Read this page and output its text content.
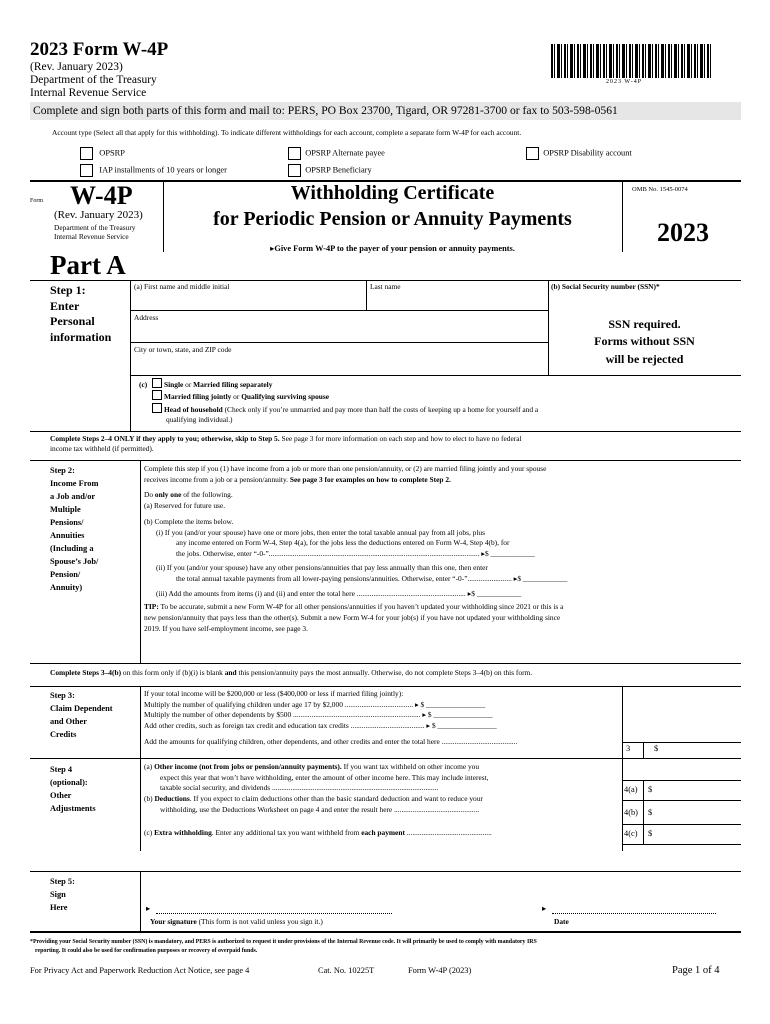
2023 Form W-4P
(Rev. January 2023)
Department of the Treasury
Internal Revenue Service
2023 W-4P
Complete and sign both parts of this form and mail to: PERS, PO Box 23700, Tigard, OR 97281-3700 or fax to 503-598-0561
Account type (Select all that apply for this withholding). To indicate different withholdings for each account, complete a separate form W-4P for each account.
OPSRP
IAP installments of 10 years or longer
OPSRP Alternate payee
OPSRP Beneficiary
OPSRP Disability account
Form W-4P
(Rev. January 2023)
Department of the Treasury
Internal Revenue Service
Withholding Certificate
for Periodic Pension or Annuity Payments
▸Give Form W-4P to the payer of your pension or annuity payments.
OMB No. 1545-0074
2023
Part A
Step 1:
Enter
Personal
information
(a) First name and middle initial	Last name	(b) Social Security number (SSN)*
Address
City or town, state, and ZIP code
SSN required.
Forms without SSN
will be rejected
(c)	Single or Married filing separately
Married filing jointly or Qualifying surviving spouse
Head of household (Check only if you’re unmarried and pay more than half the costs of keeping up a home for yourself and a
qualifying individual.)
Complete Steps 2–4 ONLY if they apply to you; otherwise, skip to Step 5. See page 3 for more information on each step and how to elect to have no federal
income tax withheld (if permitted).
Step 2:
Income From
a Job and/or
Multiple
Pensions/
Annuities
(Including a
Spouse’s Job/
Pension/
Annuity)
Complete this step if you (1) have income from a job or more than one pension/annuity, or (2) are married filing jointly and your spouse
receives income from a job or a pension/annuity. See page 3 for examples on how to complete Step 2.
Do only one of the following.
(a) Reserved for future use.
(b) Complete the items below.
(i) If you (and/or your spouse) have one or more jobs, then enter the total taxable annual pay from all jobs, plus
any income entered on Form W-4, Step 4(a), for the jobs less the deductions entered on Form W-4, Step 4(b), for
the jobs. Otherwise, enter “-0-”.................................................................................................................. ▸$ ____________
(ii) If you (and/or your spouse) have any other pensions/annuities that pay less annually than this one, then enter
the total annual taxable payments from all lower-paying pensions/annuities. Otherwise, enter “-0-”........................ ▸$ ____________
(iii) Add the amounts from items (i) and (ii) and enter the total here ........................................................... ▸$ ____________
TIP: To be accurate, submit a new Form W-4P for all other pensions/annuities if you haven’t updated your withholding since 2021 or this is a
new pension/annuity that pays less than the other(s). Submit a new Form W-4 for your job(s) if you have not updated your withholding since
2019. If you have self-employment income, see page 3.
Complete Steps 3–4(b) on this form only if (b)(i) is blank and this pension/annuity pays the most annually. Otherwise, do not complete Steps 3–4(b) on this form.
Step 3:
Claim Dependent
and Other
Credits
If your total income will be $200,000 or less ($400,000 or less if married filing jointly):
Multiply the number of qualifying children under age 17 by $2,000 ..................................... ▸ $ ________________
Multiply the number of other dependents by $500 ..................................................................... ▸ $ ________________
Add other credits, such as foreign tax credit and education tax credits ........................................ ▸ $ ________________
Add the amounts for qualifying children, other dependents, and other credits and enter the total here .........................................
3	$
Step 4
(optional):
Other
Adjustments
(a) Other income (not from jobs or pension/annuity payments). If you want tax withheld on other income you
expect this year that won’t have withholding, enter the amount of other income here. This may include interest,
taxable social security, and dividends ..........................................................................................
(b) Deductions. If you expect to claim deductions other than the basic standard deduction and want to reduce your
withholding, use the Deductions Worksheet on page 4 and enter the result here ..............................................
(c) Extra withholding. Enter any additional tax you want withheld from each payment ..............................................
4(a) $
4(b) $
4(c) $
Step 5:
Sign
Here	▸
Your signature (This form is not valid unless you sign it.)
▸
Date
*Providing your Social Security number (SSN) is mandatory, and PERS is authorized to request it under provisions of the Internal Revenue code. It will primarily be used to comply with mandatory IRS
reporting. It could also be used for confirmation purposes or recovery of overpaid funds.
For Privacy Act and Paperwork Reduction Act Notice, see page 4	Cat. No. 10225T	Form W-4P (2023)	Page 1 of 4
